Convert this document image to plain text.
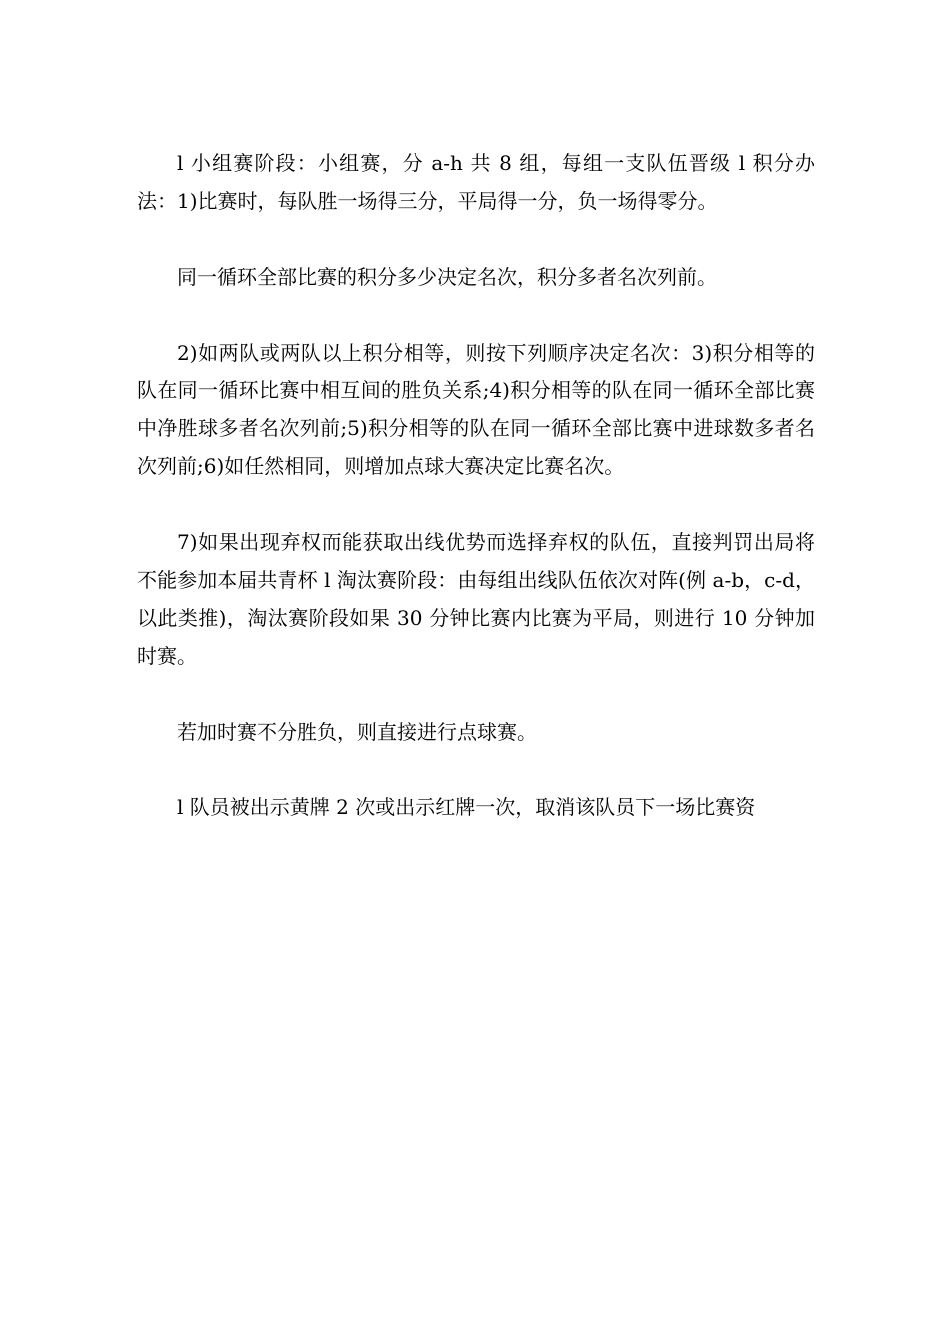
l 小组赛阶段：小组赛，分 a-h 共 8 组，每组一支队伍晋级 l 积分办法：1)比赛时，每队胜一场得三分，平局得一分，负一场得零分。

同一循环全部比赛的积分多少决定名次，积分多者名次列前。

2)如两队或两队以上积分相等，则按下列顺序决定名次：3)积分相等的队在同一循环比赛中相互间的胜负关系;4)积分相等的队在同一循环全部比赛中净胜球多者名次列前;5)积分相等的队在同一循环全部比赛中进球数多者名次列前;6)如任然相同，则增加点球大赛决定比赛名次。

7)如果出现弃权而能获取出线优势而选择弃权的队伍，直接判罚出局将不能参加本届共青杯 l 淘汰赛阶段：由每组出线队伍依次对阵(例 a-b，c-d，以此类推)，淘汰赛阶段如果 30 分钟比赛内比赛为平局，则进行 10 分钟加时赛。

若加时赛不分胜负，则直接进行点球赛。

l 队员被出示黄牌 2 次或出示红牌一次，取消该队员下一场比赛资
